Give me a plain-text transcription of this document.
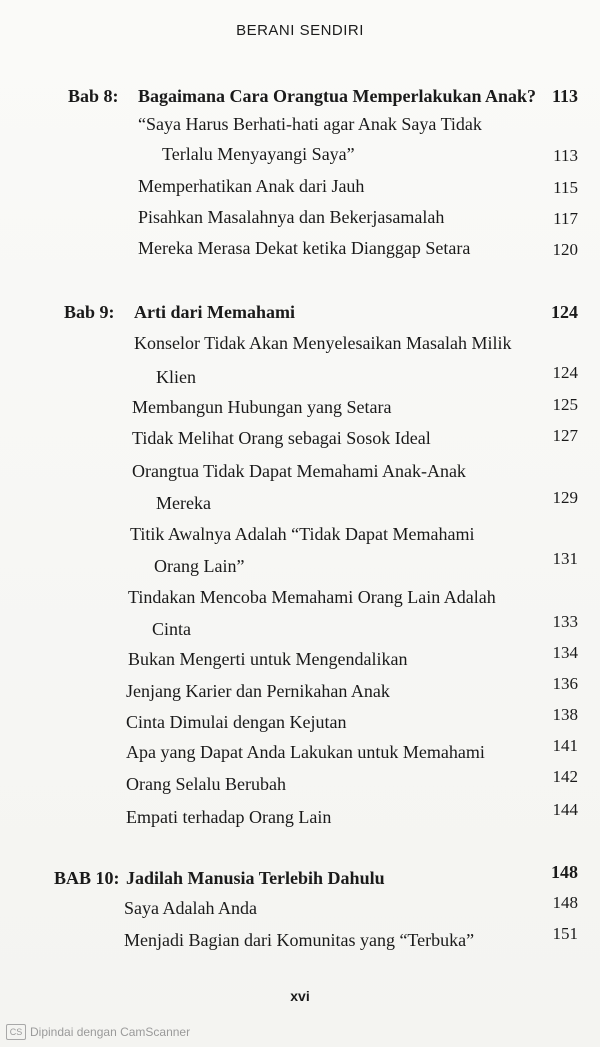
BERANI SENDIRI
Bab 8: Bagaimana Cara Orangtua Memperlakukan Anak? 113
“Saya Harus Berhati-hati agar Anak Saya Tidak
Terlalu Menyayangi Saya”	113
Memperhatikan Anak dari Jauh	115
Pisahkan Masalahnya dan Bekerjasamalah	117
Mereka Merasa Dekat ketika Dianggap Setara	120
Bab 9: Arti dari Memahami	124
Konselor Tidak Akan Menyelesaikan Masalah Milik
Klien	124
Membangun Hubungan yang Setara	125
Tidak Melihat Orang sebagai Sosok Ideal	127
Orangtua Tidak Dapat Memahami Anak-Anak
Mereka	129
Titik Awalnya Adalah “Tidak Dapat Memahami
Orang Lain”	131
Tindakan Mencoba Memahami Orang Lain Adalah
Cinta	133
Bukan Mengerti untuk Mengendalikan	134
Jenjang Karier dan Pernikahan Anak	136
Cinta Dimulai dengan Kejutan	138
Apa yang Dapat Anda Lakukan untuk Memahami	141
Orang Selalu Berubah	142
Empati terhadap Orang Lain	144
BAB 10: Jadilah Manusia Terlebih Dahulu	148
Saya Adalah Anda	148
Menjadi Bagian dari Komunitas yang “Terbuka”	151
xvi
CS Dipindai dengan CamScanner
